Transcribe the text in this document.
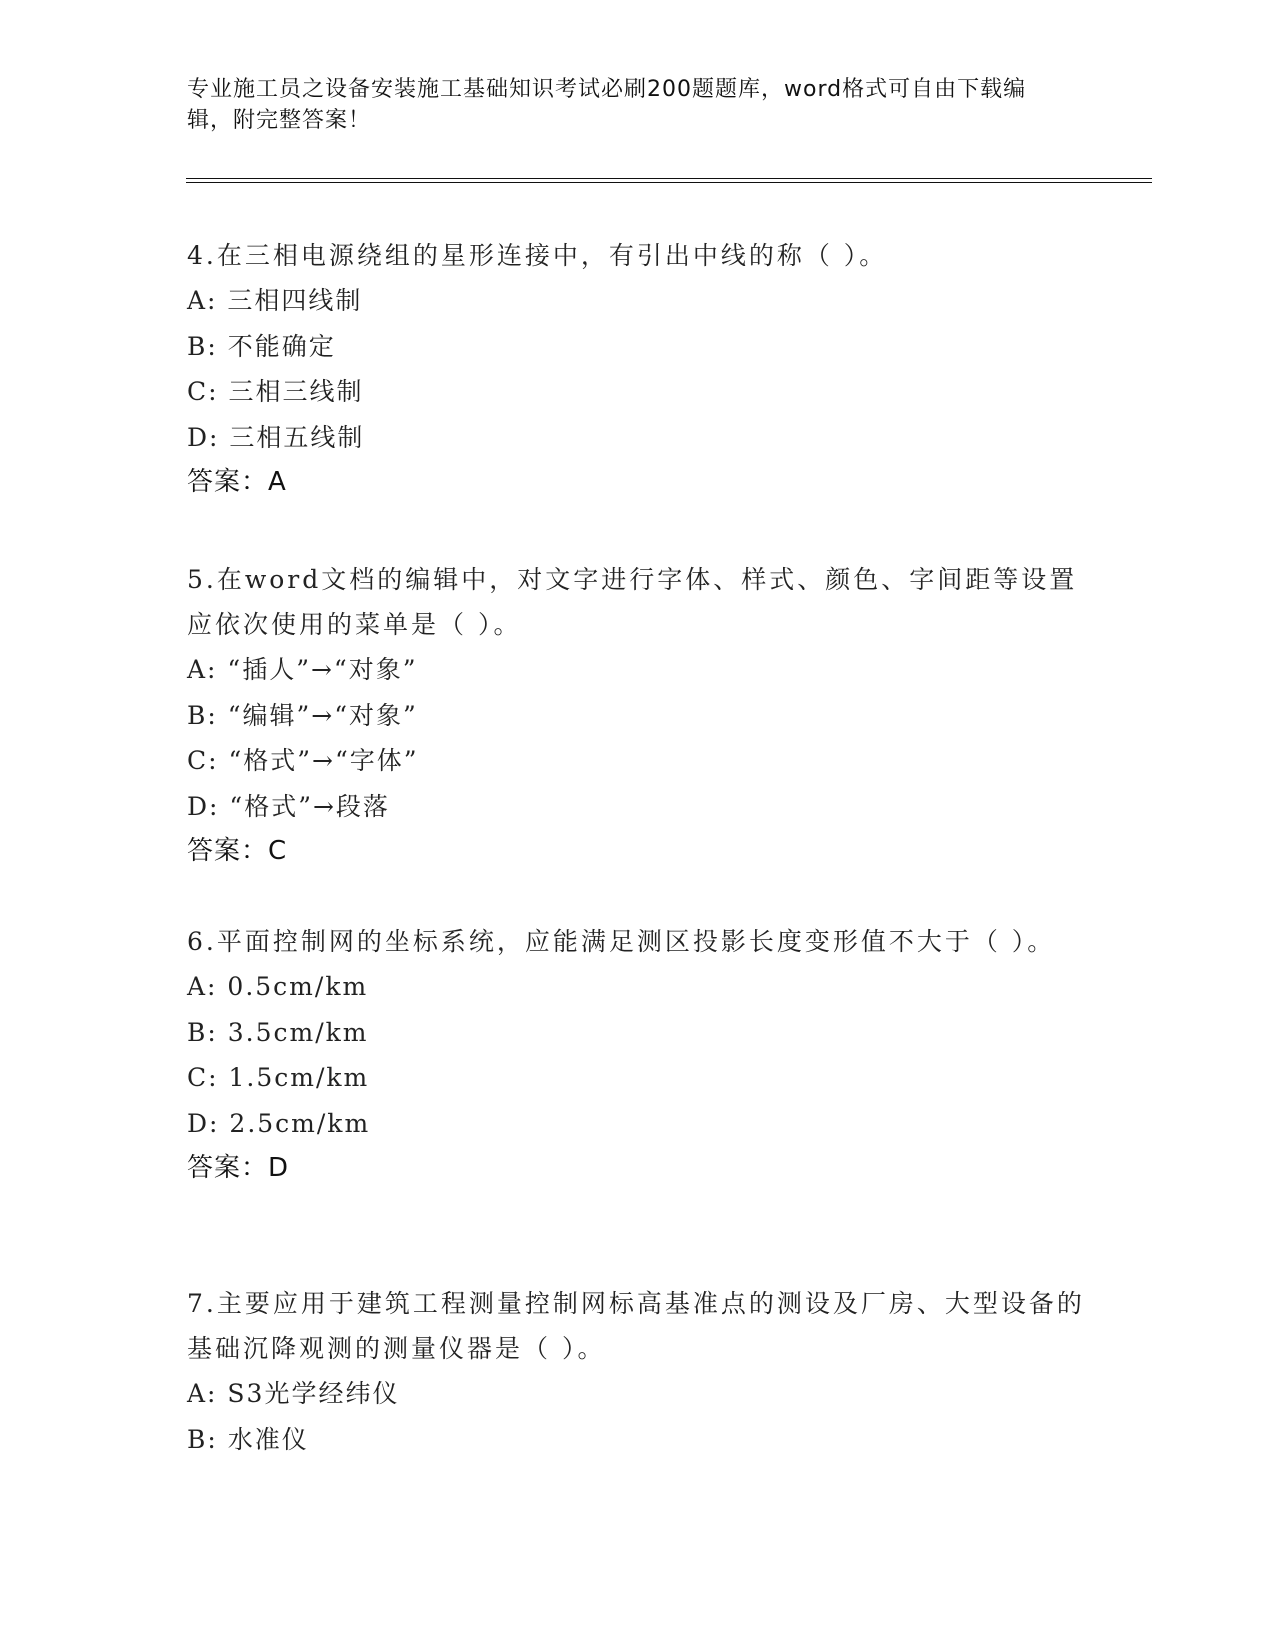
专业施工员之设备安装施工基础知识考试必刷200题题库，word格式可自由下载编辑，附完整答案！
4.在三相电源绕组的星形连接中，有引出中线的称（ ）。
A: 三相四线制
B: 不能确定
C: 三相三线制
D: 三相五线制
答案：A
5.在word文档的编辑中，对文字进行字体、样式、颜色、字间距等设置应依次使用的菜单是（ ）。
A: “插人”→“对象”
B: “编辑”→“对象”
C: “格式”→“字体”
D: “格式”→段落
答案：C
6.平面控制网的坐标系统，应能满足测区投影长度变形值不大于（ ）。
A: 0.5cm/km
B: 3.5cm/km
C: 1.5cm/km
D: 2.5cm/km
答案：D
7.主要应用于建筑工程测量控制网标高基准点的测设及厂房、大型设备的基础沉降观测的测量仪器是（ ）。
A: S3光学经纬仪
B: 水准仪
